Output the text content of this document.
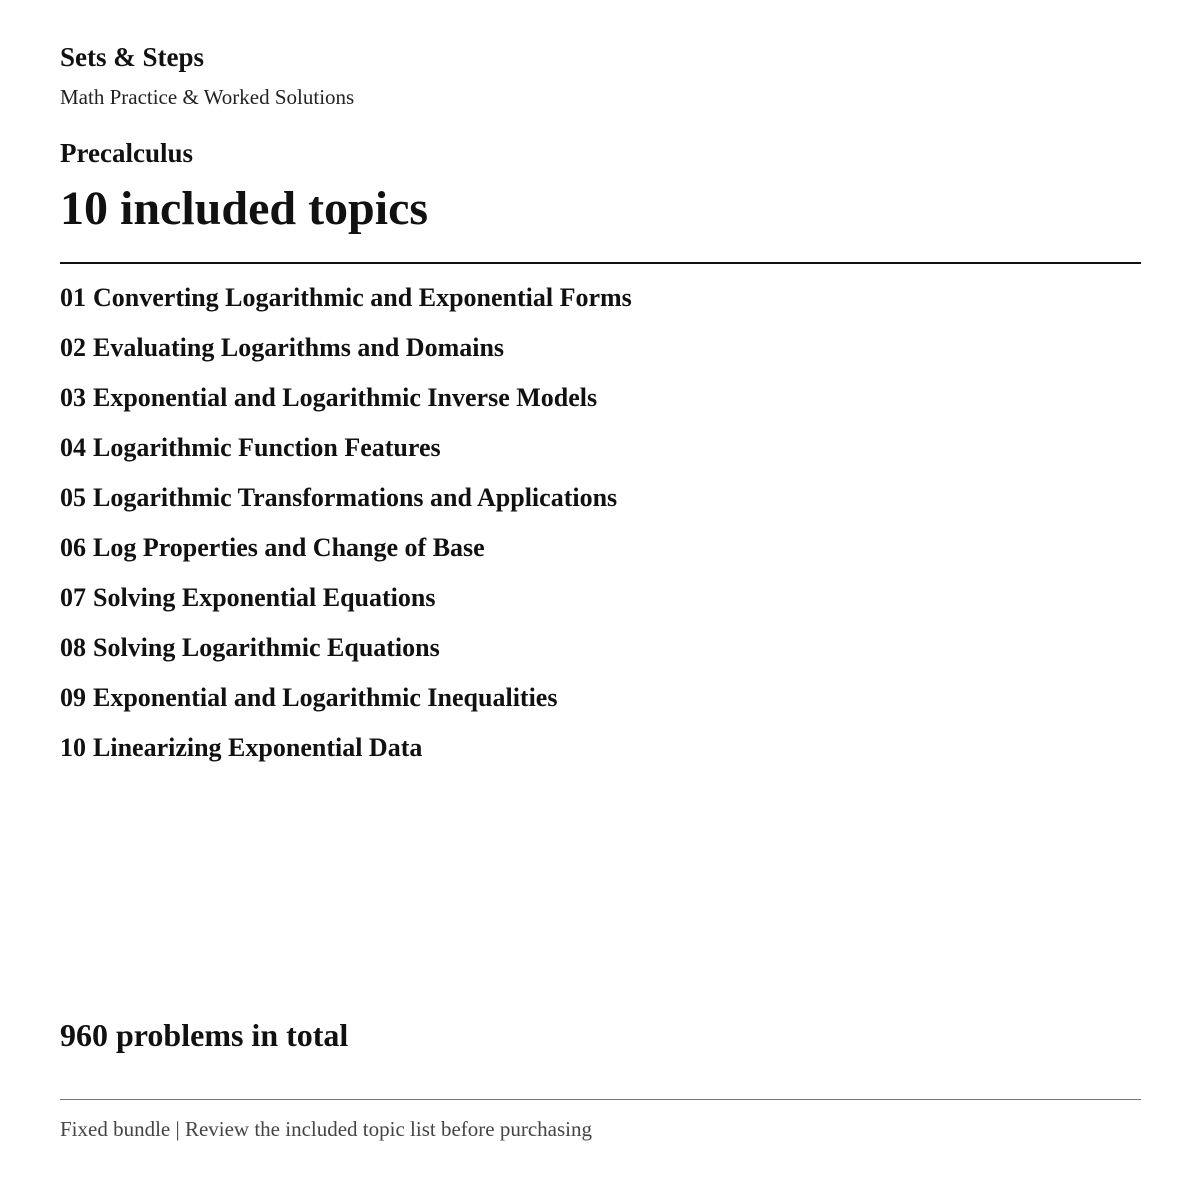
Sets & Steps
Math Practice & Worked Solutions
Precalculus
10 included topics
01 Converting Logarithmic and Exponential Forms
02 Evaluating Logarithms and Domains
03 Exponential and Logarithmic Inverse Models
04 Logarithmic Function Features
05 Logarithmic Transformations and Applications
06 Log Properties and Change of Base
07 Solving Exponential Equations
08 Solving Logarithmic Equations
09 Exponential and Logarithmic Inequalities
10 Linearizing Exponential Data
960 problems in total
Fixed bundle | Review the included topic list before purchasing
